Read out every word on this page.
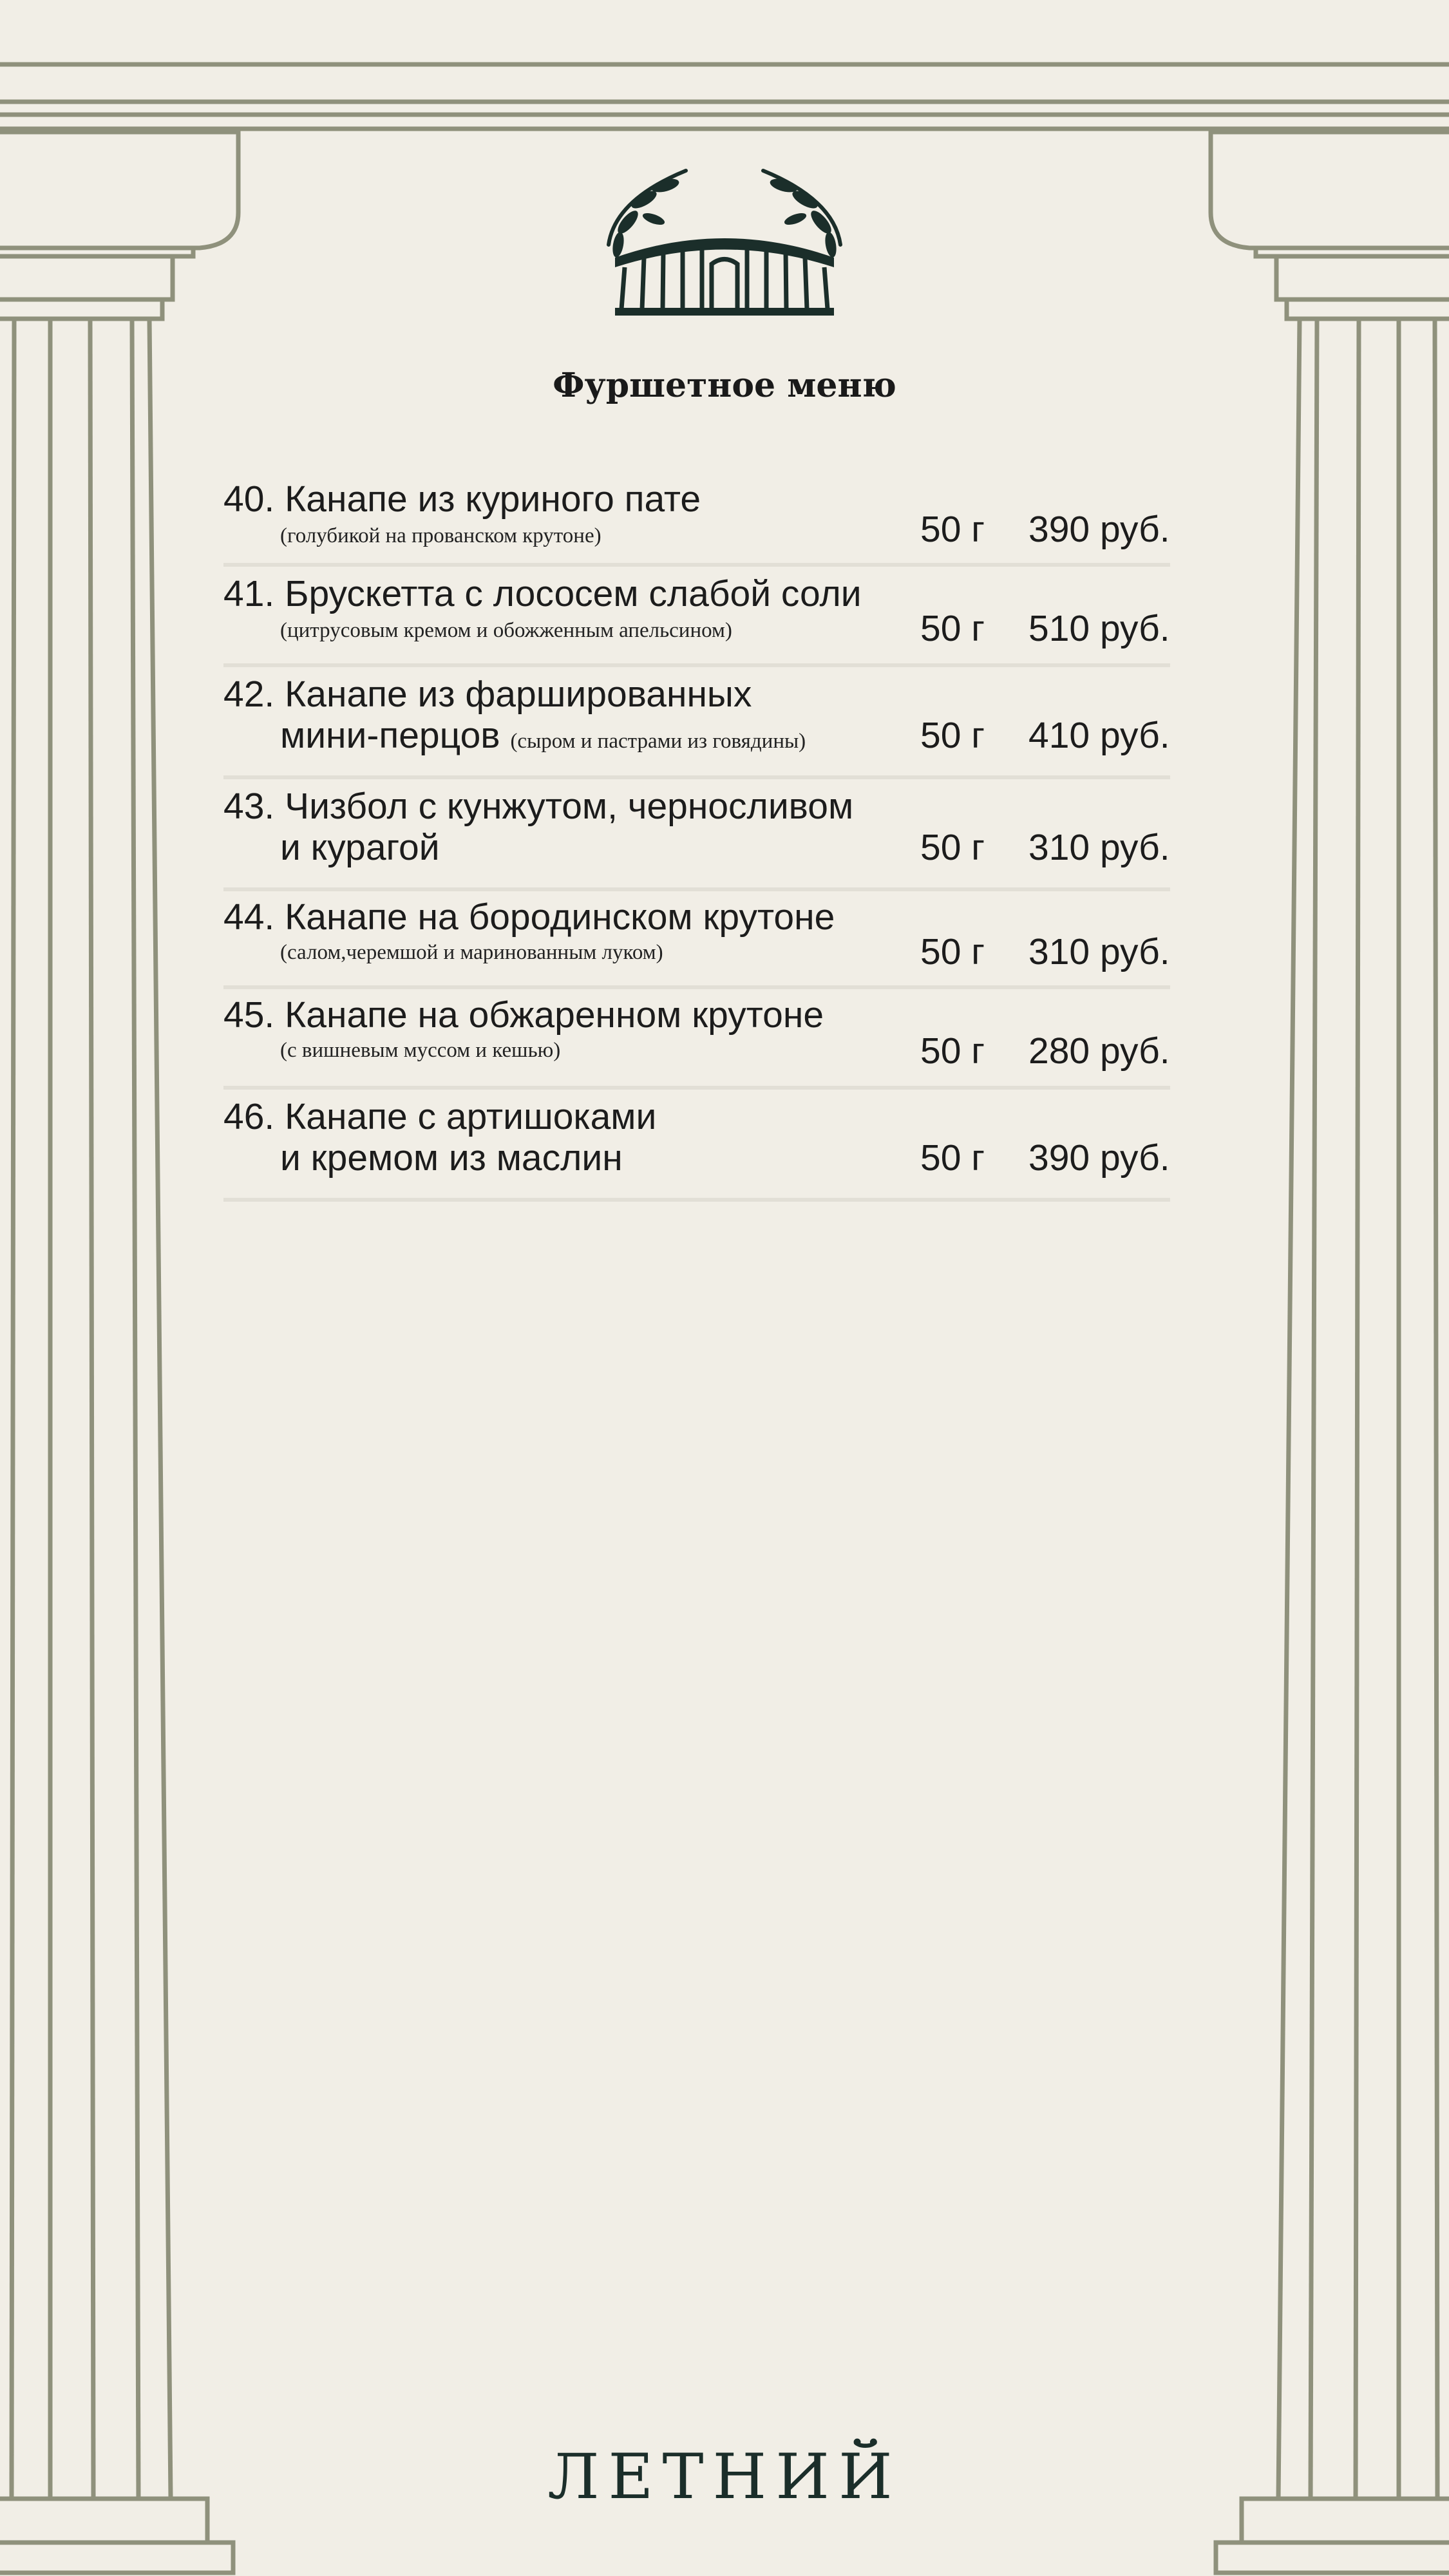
Фуршетное меню
40. Канапе из куриного пате
(голубикой на прованском крутоне)	50 г 390 руб.
41. Брускетта с лососем слабой соли
(цитрусовым кремом и обожженным апельсином)	50 г 510 руб.
42. Канапе из фаршированных
мини-перцов (сыром и пастрами из говядины)	50 г 410 руб.
43. Чизбол с кунжутом, черносливом
и курагой	50 г 310 руб.
44. Канапе на бородинском крутоне
(салом,черемшой и маринованным луком)	50 г 310 руб.
45. Канапе на обжаренном крутоне
(с вишневым муссом и кешью)	50 г 280 руб.
46. Канапе с артишоками
и кремом из маслин	50 г 390 руб.
ЛЕТНИЙ
